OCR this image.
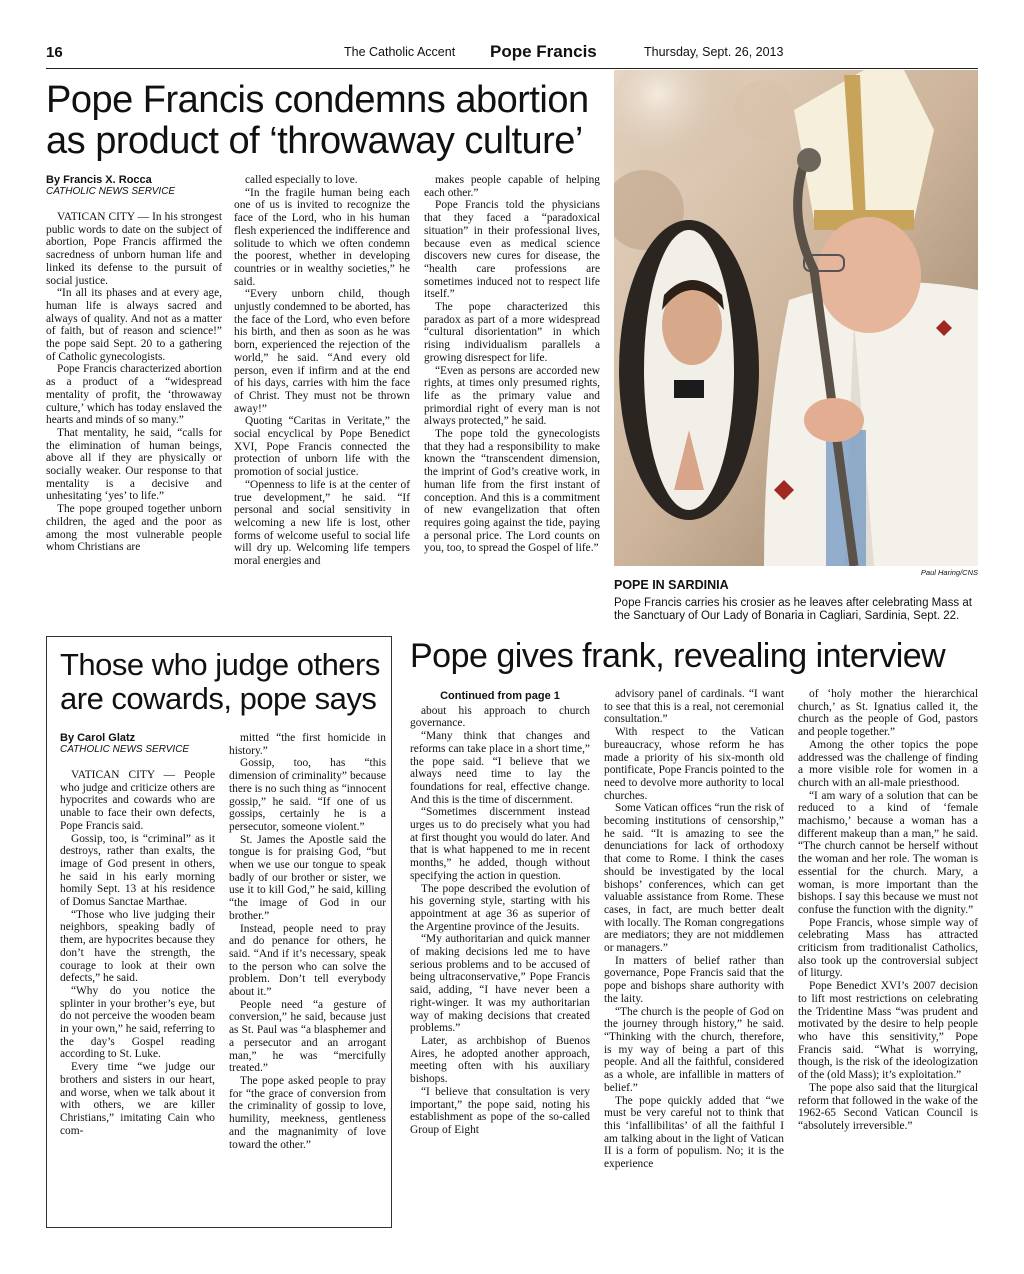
16	The Catholic Accent Pope Francis	Thursday, Sept. 26, 2013
Pope Francis condemns abortion
as product of ‘throwaway culture’
By Francis X. Rocca
CATHOLIC NEWS SERVICE

VATICAN CITY — In his strongest public words to date on the subject of abortion, Pope Francis affirmed the sacredness of unborn human life and linked its defense to the pursuit of social justice.

“In all its phases and at every age, human life is always sacred and always of quality. And not as a matter of faith, but of reason and science!” the pope said Sept. 20 to a gathering of Catholic gynecologists.

Pope Francis characterized abortion as a product of a “widespread mentality of profit, the ‘throwaway culture,’ which has today enslaved the hearts and minds of so many.”

That mentality, he said, “calls for the elimination of human beings, above all if they are physically or socially weaker. Our response to that mentality is a decisive and unhesitating ‘yes’ to life.”

The pope grouped together unborn children, the aged and the poor as among the most vulnerable people whom Christians are

called especially to love.

“In the fragile human being each one of us is invited to recognize the face of the Lord, who in his human flesh experienced the indifference and solitude to which we often condemn the poorest, whether in developing countries or in wealthy societies,” he said.

“Every unborn child, though unjustly condemned to be aborted, has the face of the Lord, who even before his birth, and then as soon as he was born, experienced the rejection of the world,” he said. “And every old person, even if infirm and at the end of his days, carries with him the face of Christ. They must not be thrown away!”

Quoting “Caritas in Veritate,” the social encyclical by Pope Benedict XVI, Pope Francis connected the protection of unborn life with the promotion of social justice.

“Openness to life is at the center of true development,” he said. “If personal and social sensitivity in welcoming a new life is lost, other forms of welcome useful to social life will dry up. Welcoming life tempers moral energies and

makes people capable of helping each other.”

Pope Francis told the physicians that they faced a “paradoxical situation” in their professional lives, because even as medical science discovers new cures for disease, the “health care professions are sometimes induced not to respect life itself.”

The pope characterized this paradox as part of a more widespread “cultural disorientation” in which rising individualism parallels a growing disrespect for life.

“Even as persons are accorded new rights, at times only presumed rights, life as the primary value and primordial right of every man is not always protected,” he said.

The pope told the gynecologists that they had a responsibility to make known the “transcendent dimension, the imprint of God’s creative work, in human life from the first instant of conception. And this is a commitment of new evangelization that often requires going against the tide, paying a personal price. The Lord counts on you, too, to spread the Gospel of life.”

Paul Haring/CNS
POPE IN SARDINIA
Pope Francis carries his crosier as he leaves after celebrating Mass at the Sanctuary of Our Lady of Bonaria in Cagliari, Sardinia, Sept. 22.
Those who judge others
are cowards, pope says
By Carol Glatz
CATHOLIC NEWS SERVICE

VATICAN CITY — People who judge and criticize others are hypocrites and cowards who are unable to face their own defects, Pope Francis said.

Gossip, too, is “criminal” as it destroys, rather than exalts, the image of God present in others, he said in his early morning homily Sept. 13 at his residence of Domus Sanctae Marthae.

“Those who live judging their neighbors, speaking badly of them, are hypocrites because they don’t have the strength, the courage to look at their own defects,” he said.

“Why do you notice the splinter in your brother’s eye, but do not perceive the wooden beam in your own,” he said, referring to the day’s Gospel reading according to St. Luke.

Every time “we judge our brothers and sisters in our heart, and worse, when we talk about it with others, we are killer Christians,” imitating Cain who com-

mitted “the first homicide in history.”

Gossip, too, has “this dimension of criminality” because there is no such thing as “innocent gossip,” he said. “If one of us gossips, certainly he is a persecutor, someone violent.”

St. James the Apostle said the tongue is for praising God, “but when we use our tongue to speak badly of our brother or sister, we use it to kill God,” he said, killing “the image of God in our brother.”

Instead, people need to pray and do penance for others, he said. “And if it’s necessary, speak to the person who can solve the problem. Don’t tell everybody about it.”

People need “a gesture of conversion,” he said, because just as St. Paul was “a blasphemer and a persecutor and an arrogant man,” he was “mercifully treated.”

The pope asked people to pray for “the grace of conversion from the criminality of gossip to love, humility, meekness, gentleness and the magnanimity of love toward the other.”

Pope gives frank, revealing interview

Continued from page 1

about his approach to church governance.

“Many think that changes and reforms can take place in a short time,” the pope said. “I believe that we always need time to lay the foundations for real, effective change. And this is the time of discernment.

“Sometimes discernment instead urges us to do precisely what you had at first thought you would do later. And that is what happened to me in recent months,” he added, though without specifying the action in question.

The pope described the evolution of his governing style, starting with his appointment at age 36 as superior of the Argentine province of the Jesuits.

“My authoritarian and quick manner of making decisions led me to have serious problems and to be accused of being ultraconservative,” Pope Francis said, adding, “I have never been a right-winger. It was my authoritarian way of making decisions that created problems.”

Later, as archbishop of Buenos Aires, he adopted another approach, meeting often with his auxiliary bishops.

“I believe that consultation is very important,” the pope said, noting his establishment as pope of the so-called Group of Eight

advisory panel of cardinals. “I want to see that this is a real, not ceremonial consultation.”

With respect to the Vatican bureaucracy, whose reform he has made a priority of his six-month old pontificate, Pope Francis pointed to the need to devolve more authority to local churches.

Some Vatican offices “run the risk of becoming institutions of censorship,” he said. “It is amazing to see the denunciations for lack of orthodoxy that come to Rome. I think the cases should be investigated by the local bishops’ conferences, which can get valuable assistance from Rome. These cases, in fact, are much better dealt with locally. The Roman congregations are mediators; they are not middlemen or managers.”

In matters of belief rather than governance, Pope Francis said that the pope and bishops share authority with the laity.

“The church is the people of God on the journey through history,” he said. “Thinking with the church, therefore, is my way of being a part of this people. And all the faithful, considered as a whole, are infallible in matters of belief.”

The pope quickly added that “we must be very careful not to think that this ‘infallibilitas’ of all the faithful I am talking about in the light of Vatican II is a form of populism. No; it is the experience

of ‘holy mother the hierarchical church,’ as St. Ignatius called it, the church as the people of God, pastors and people together.”

Among the other topics the pope addressed was the challenge of finding a more visible role for women in a church with an all-male priesthood.

“I am wary of a solution that can be reduced to a kind of ‘female machismo,’ because a woman has a different makeup than a man,” he said. “The church cannot be herself without the woman and her role. The woman is essential for the church. Mary, a woman, is more important than the bishops. I say this because we must not confuse the function with the dignity.”

Pope Francis, whose simple way of celebrating Mass has attracted criticism from traditionalist Catholics, also took up the controversial subject of liturgy.

Pope Benedict XVI’s 2007 decision to lift most restrictions on celebrating the Tridentine Mass “was prudent and motivated by the desire to help people who have this sensitivity,” Pope Francis said. “What is worrying, though, is the risk of the ideologization of the (old Mass); it’s exploitation.”

The pope also said that the liturgical reform that followed in the wake of the 1962-65 Second Vatican Council is “absolutely irreversible.”
